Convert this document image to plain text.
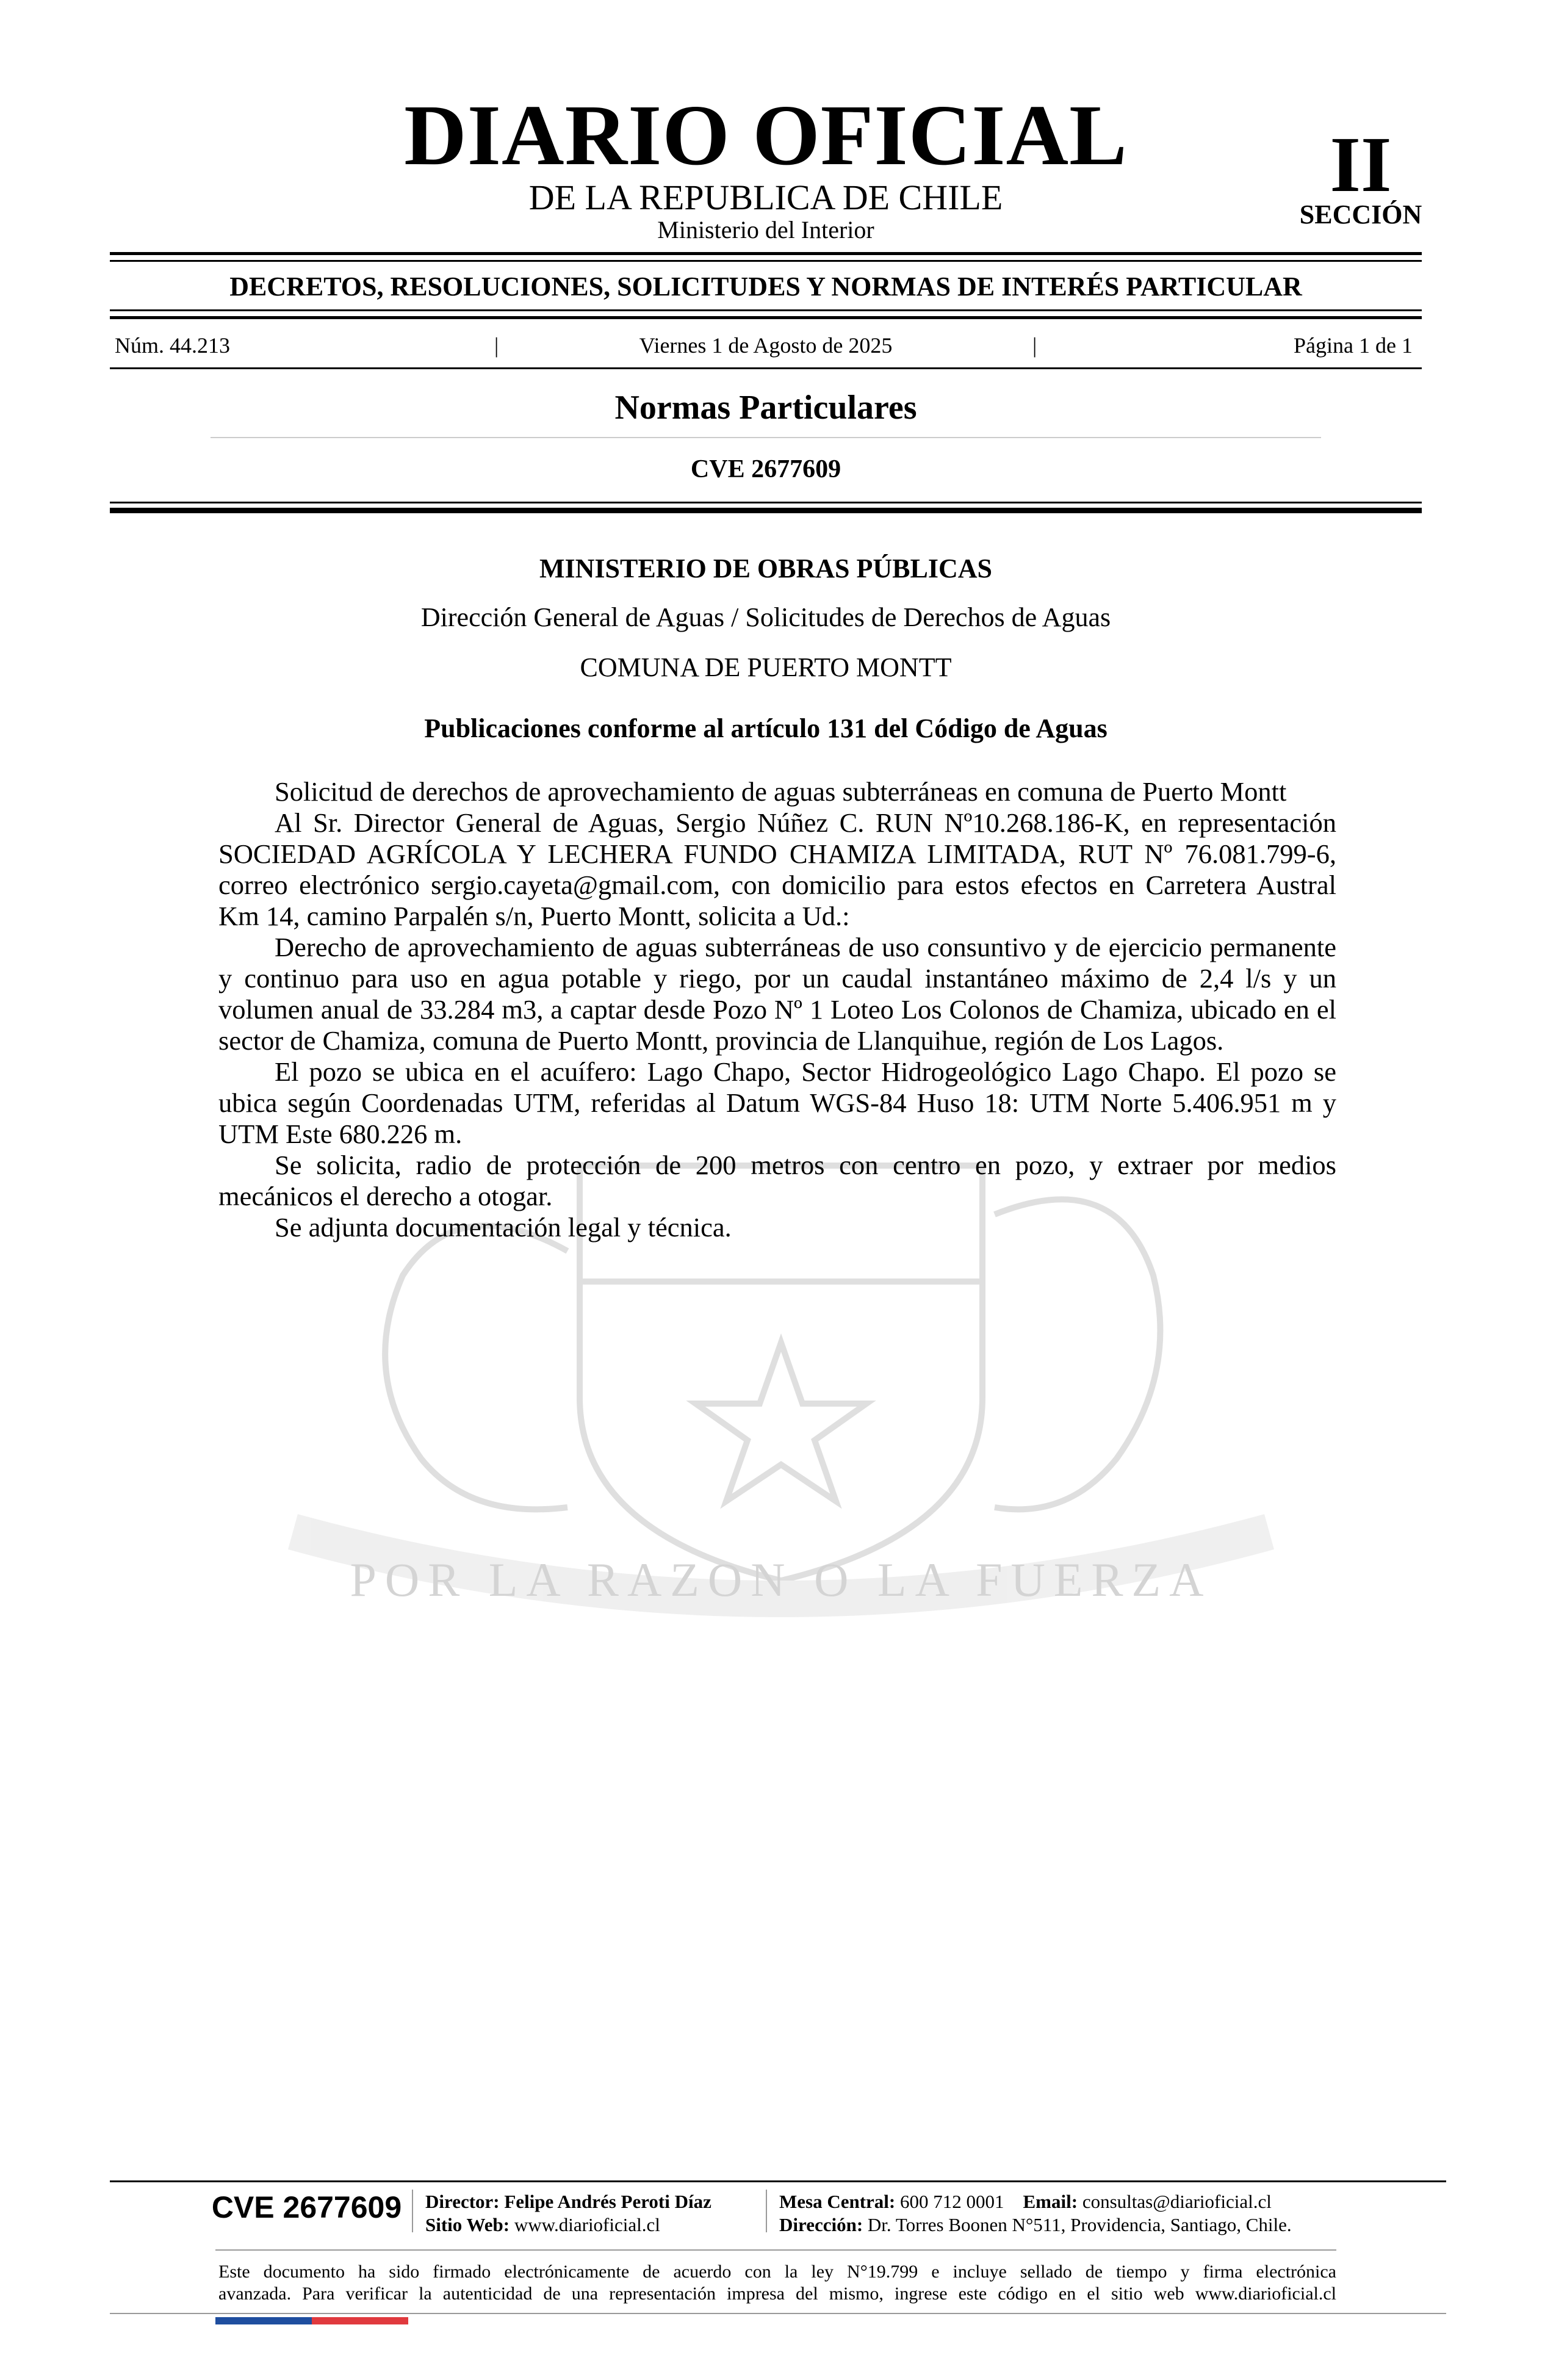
DIARIO OFICIAL
DE LA REPUBLICA DE CHILE
Ministerio del Interior
II
SECCIÓN
DECRETOS, RESOLUCIONES, SOLICITUDES Y NORMAS DE INTERÉS PARTICULAR
Núm. 44.213	|	Viernes 1 de Agosto de 2025	|	Página 1 de 1
Normas Particulares
CVE 2677609
POR LA RAZON O LA FUERZA
MINISTERIO DE OBRAS PÚBLICAS
Dirección General de Aguas / Solicitudes de Derechos de Aguas
COMUNA DE PUERTO MONTT
Publicaciones conforme al artículo 131 del Código de Aguas

Solicitud de derechos de aprovechamiento de aguas subterráneas en comuna de Puerto Montt

Al Sr. Director General de Aguas, Sergio Núñez C. RUN Nº10.268.186-K, en representación SOCIEDAD AGRÍCOLA Y LECHERA FUNDO CHAMIZA LIMITADA, RUT Nº 76.081.799-6, correo electrónico sergio.cayeta@gmail.com, con domicilio para estos efectos en Carretera Austral Km 14, camino Parpalén s/n, Puerto Montt, solicita a Ud.:

Derecho de aprovechamiento de aguas subterráneas de uso consuntivo y de ejercicio permanente y continuo para uso en agua potable y riego, por un caudal instantáneo máximo de 2,4 l/s y un volumen anual de 33.284 m3, a captar desde Pozo Nº 1 Loteo Los Colonos de Chamiza, ubicado en el sector de Chamiza, comuna de Puerto Montt, provincia de Llanquihue, región de Los Lagos.

El pozo se ubica en el acuífero: Lago Chapo, Sector Hidrogeológico Lago Chapo. El pozo se ubica según Coordenadas UTM, referidas al Datum WGS-84 Huso 18: UTM Norte 5.406.951 m y UTM Este 680.226 m.

Se solicita, radio de protección de 200 metros con centro en pozo, y extraer por medios mecánicos el derecho a otogar.

Se adjunta documentación legal y técnica.

CVE 2677609	Director: Felipe Andrés Peroti Díaz
Sitio Web: www.diarioficial.cl
Mesa Central: 600 712 0001 Email: consultas@diarioficial.cl
Dirección: Dr. Torres Boonen N°511, Providencia, Santiago, Chile.
Este documento ha sido firmado electrónicamente de acuerdo con la ley N°19.799 e incluye sellado de tiempo y firma electrónica
avanzada. Para verificar la autenticidad de una representación impresa del mismo, ingrese este código en el sitio web www.diarioficial.cl
